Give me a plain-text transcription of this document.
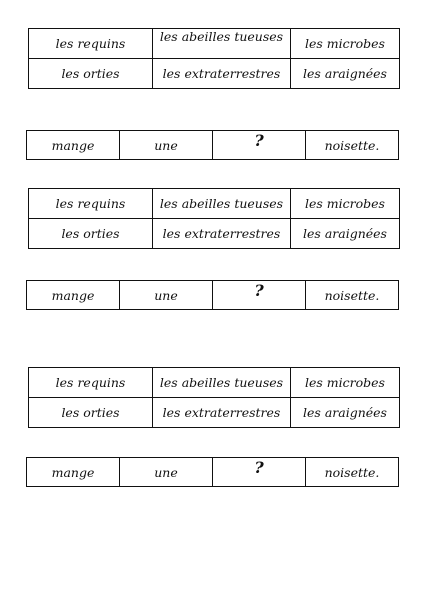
les requins	les abeilles tueuses	les microbes
les orties	les extraterrestres	les araignées
mange	une	?	noisette.
les requins	les abeilles tueuses	les microbes
les orties	les extraterrestres	les araignées
mange	une	?	noisette.
les requins	les abeilles tueuses	les microbes
les orties	les extraterrestres	les araignées
mange	une	?	noisette.
